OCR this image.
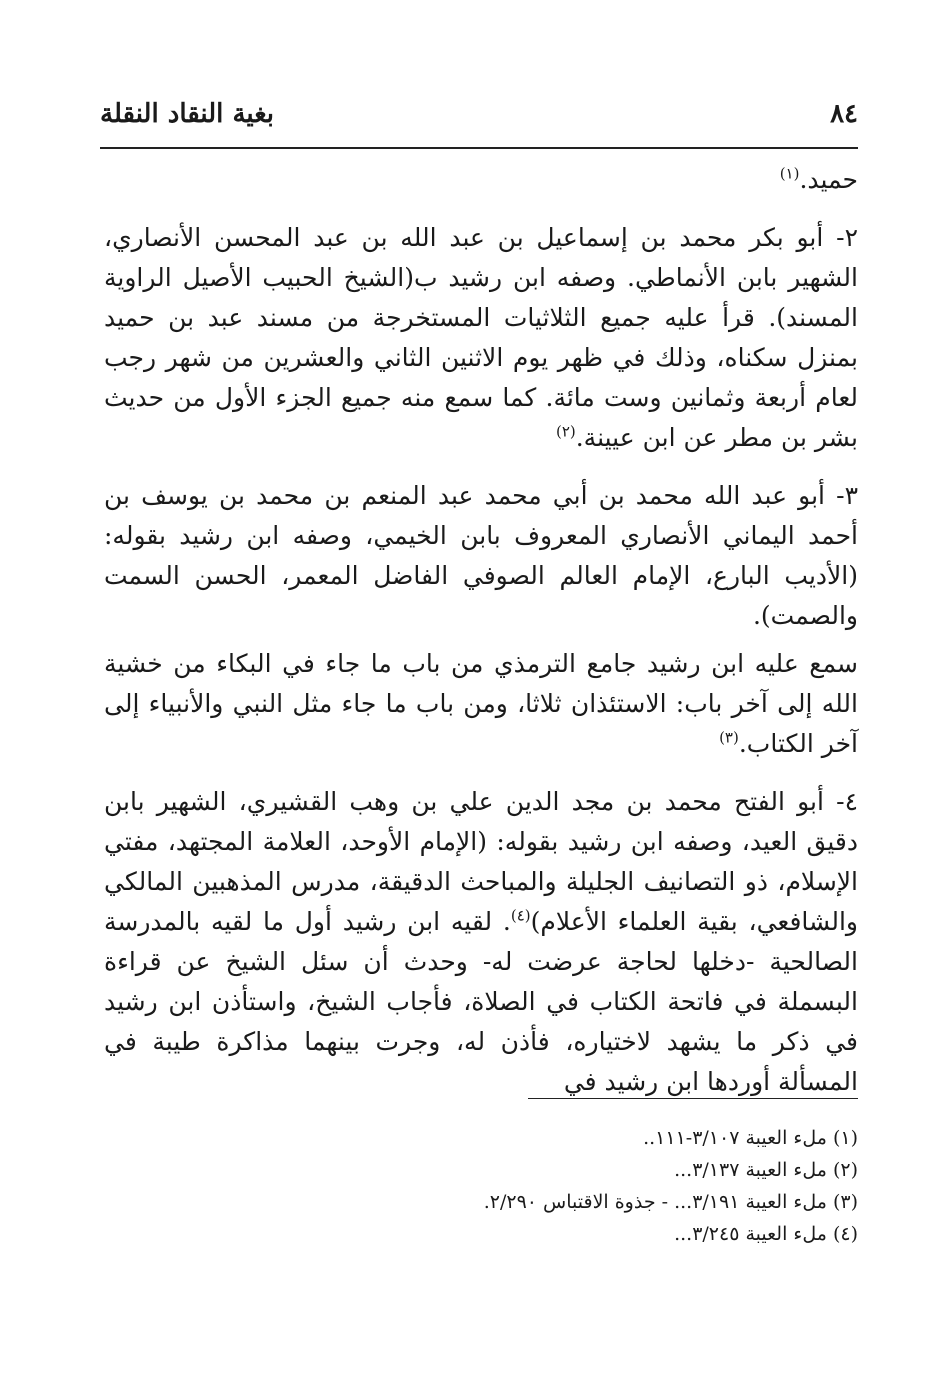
٨٤
بغية النقاد النقلة

حميد.$^{(١)}$

٢- أبو بكر محمد بن إسماعيل بن عبد الله بن عبد المحسن الأنصاري، الشهير بابن الأنماطي. وصفه ابن رشيد ب(الشيخ الحبيب الأصيل الراوية المسند). قرأ عليه جميع الثلاثيات المستخرجة من مسند عبد بن حميد بمنزل سكناه، وذلك في ظهر يوم الاثنين الثاني والعشرين من شهر رجب لعام أربعة وثمانين وست مائة. كما سمع منه جميع الجزء الأول من حديث بشر بن مطر عن ابن عيينة.$^{(٢)}$

٣- أبو عبد الله محمد بن أبي محمد عبد المنعم بن محمد بن يوسف بن أحمد اليماني الأنصاري المعروف بابن الخيمي، وصفه ابن رشيد بقوله: (الأديب البارع، الإمام العالم الصوفي الفاضل المعمر، الحسن السمت والصمت).

سمع عليه ابن رشيد جامع الترمذي من باب ما جاء في البكاء من خشية الله إلى آخر باب: الاستئذان ثلاثا، ومن باب ما جاء مثل النبي والأنبياء إلى آخر الكتاب.$^{(٣)}$

٤- أبو الفتح محمد بن مجد الدين علي بن وهب القشيري، الشهير بابن دقيق العيد، وصفه ابن رشيد بقوله: (الإمام الأوحد، العلامة المجتهد، مفتي الإسلام، ذو التصانيف الجليلة والمباحث الدقيقة، مدرس المذهبين المالكي والشافعي، بقية العلماء الأعلام)$^{(٤)}$. لقيه ابن رشيد أول ما لقيه بالمدرسة الصالحية -دخلها لحاجة عرضت له- وحدث أن سئل الشيخ عن قراءة البسملة في فاتحة الكتاب في الصلاة، فأجاب الشيخ، واستأذن ابن رشيد في ذكر ما يشهد لاختياره، فأذن له، وجرت بينهما مذاكرة طيبة في المسألة أوردها ابن رشيد في

(١) ملء العيبة ٣/١٠٧-١١١..

(٢) ملء العيبة ٣/١٣٧...

(٣) ملء العيبة ٣/١٩١... - جذوة الاقتباس ٢/٢٩٠.

(٤) ملء العيبة ٣/٢٤٥...
